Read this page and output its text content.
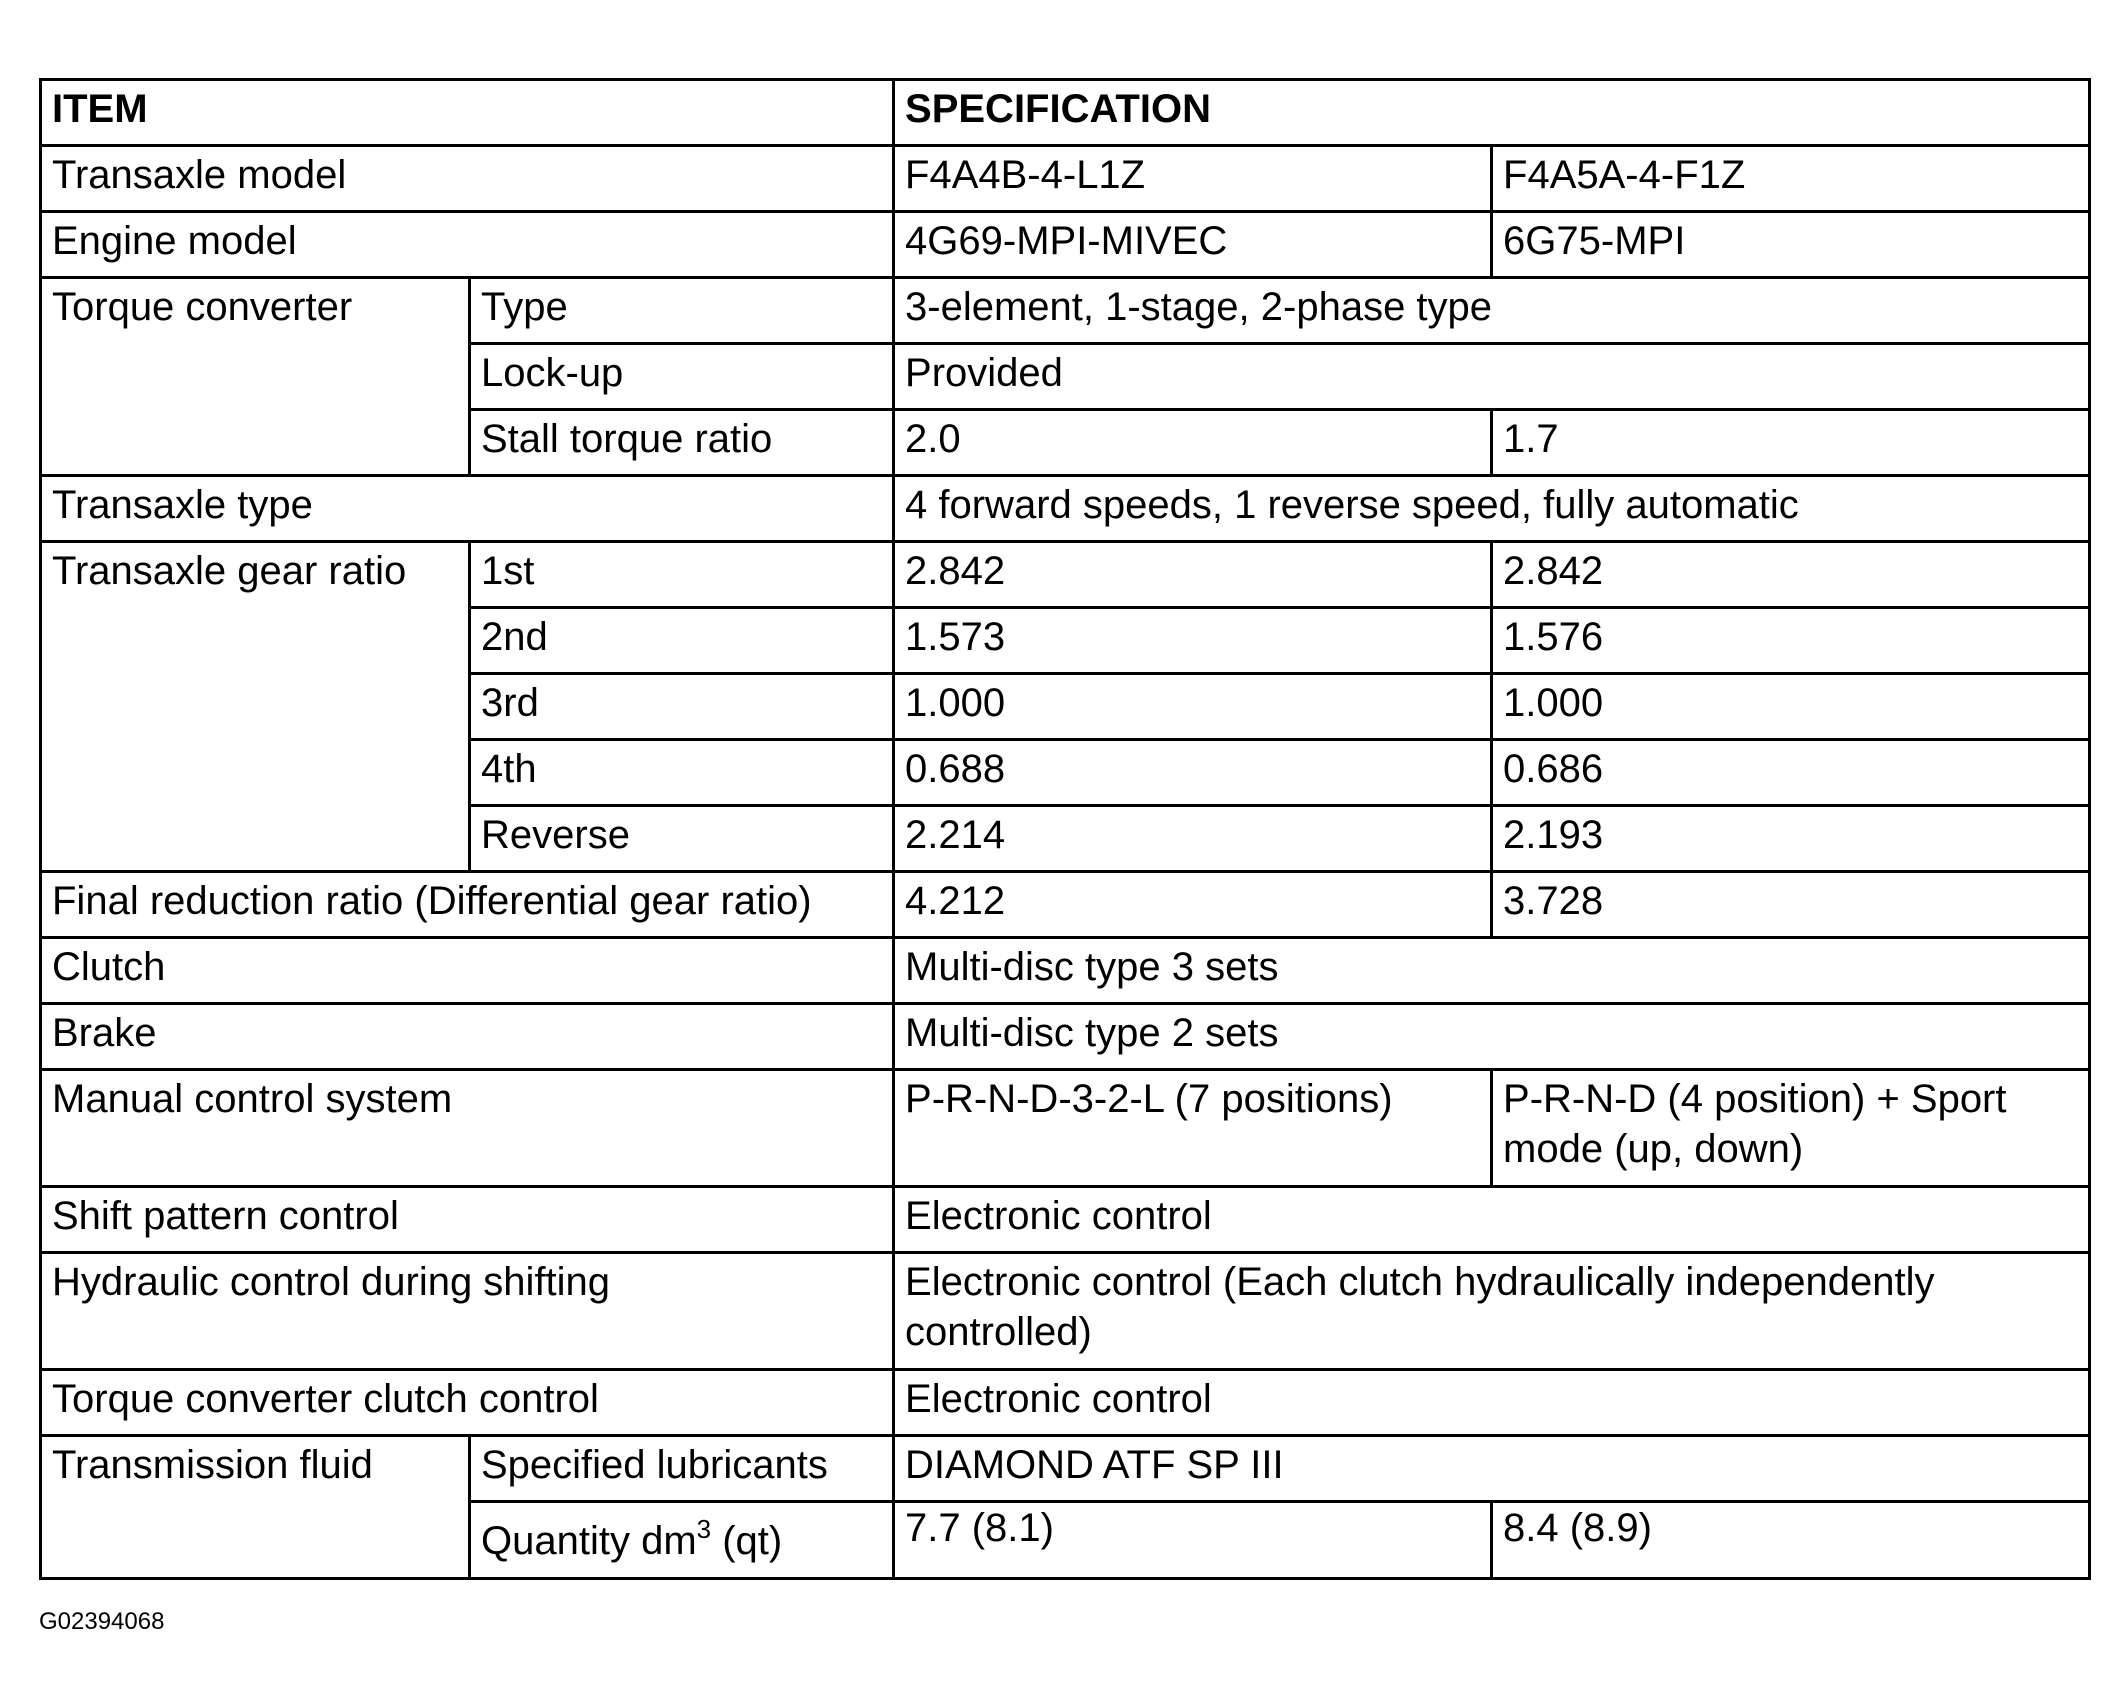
ITEM		SPECIFICATION	
Transaxle model		F4A4B-4-L1Z	F4A5A-4-F1Z
Engine model		4G69-MPI-MIVEC	6G75-MPI
Torque converter	Type	3-element, 1-stage, 2-phase type	
	Lock-up	Provided	
	Stall torque ratio	2.0	1.7
Transaxle type		4 forward speeds, 1 reverse speed, fully automatic	
Transaxle gear ratio	1st	2.842	2.842
	2nd	1.573	1.576
	3rd	1.000	1.000
	4th	0.688	0.686
	Reverse	2.214	2.193
Final reduction ratio (Differential gear ratio)		4.212	3.728
Clutch		Multi-disc type 3 sets	
Brake		Multi-disc type 2 sets	
Manual control system		P-R-N-D-3-2-L (7 positions)	P-R-N-D (4 position) + Sport mode (up, down)
Shift pattern control		Electronic control	
Hydraulic control during shifting		Electronic control (Each clutch hydraulically independently controlled)	
Torque converter clutch control		Electronic control	
Transmission fluid	Specified lubricants	DIAMOND ATF SP III	
	Quantity $dm^3$ (qt)	7.7 (8.1)	8.4 (8.9)
G02394068
